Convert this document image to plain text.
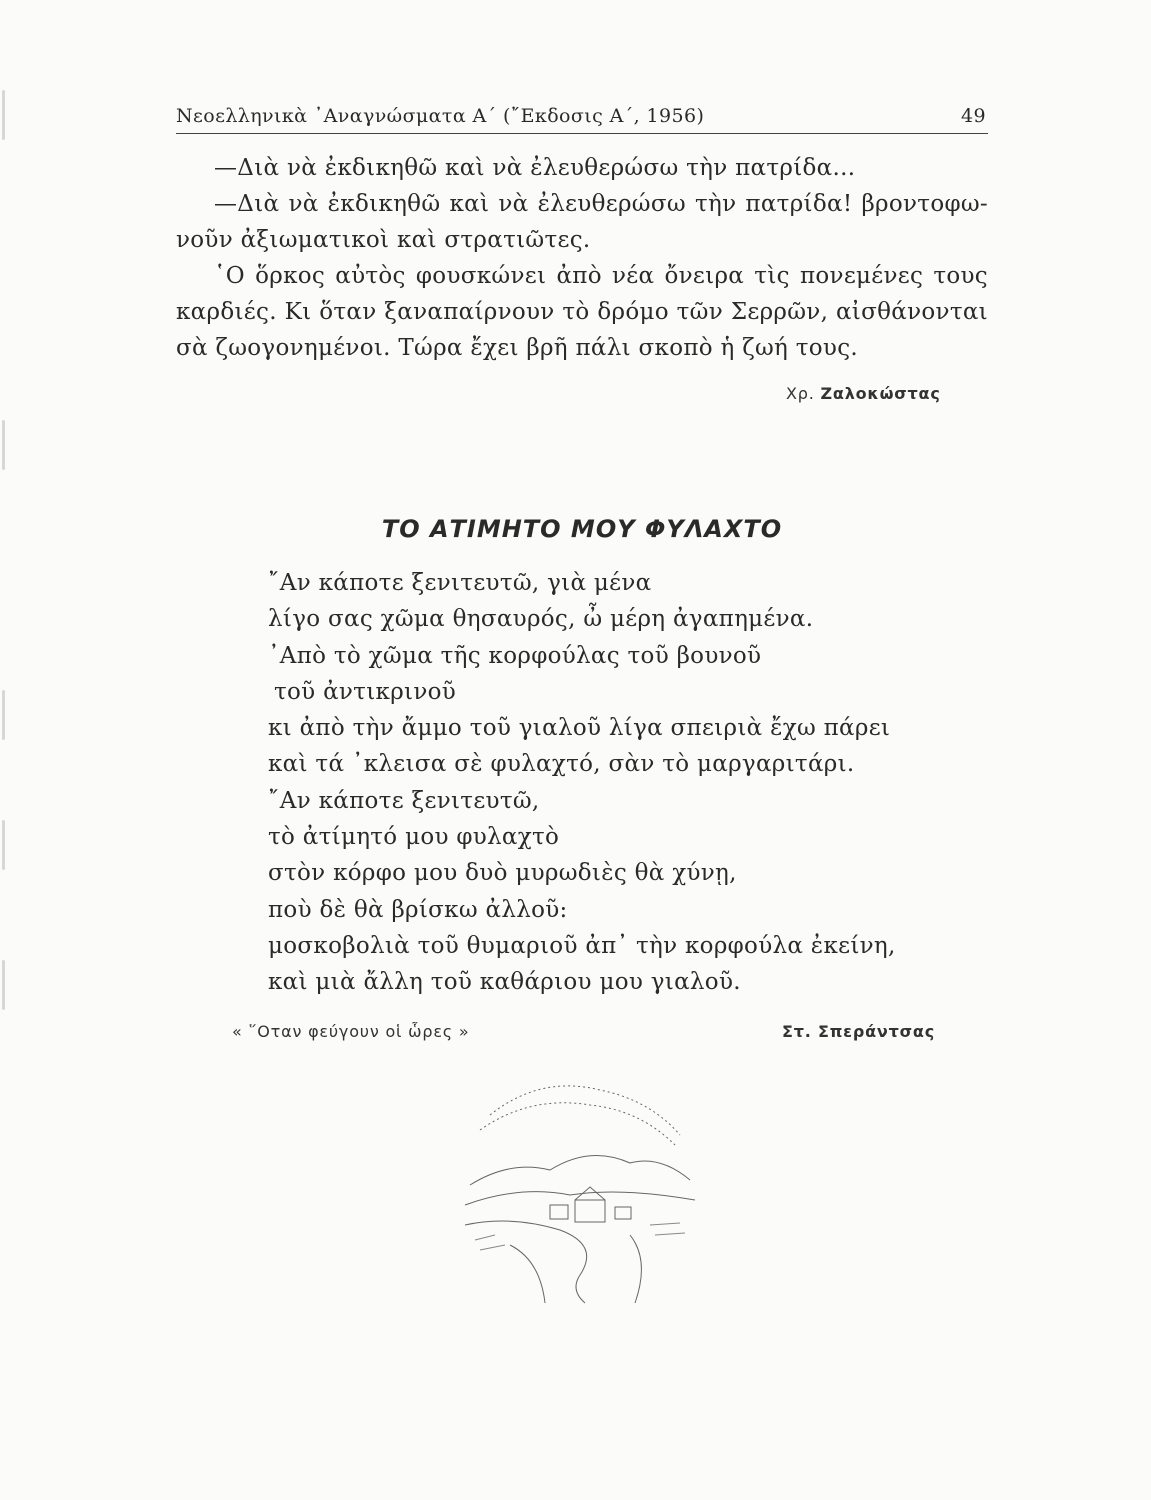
Νεοελληνικὰ ᾿Αναγνώσματα Α΄ (῎Εκδοσις Α΄, 1956)	49

—Διὰ νὰ ἐκδικηθῶ καὶ νὰ ἐλευθερώσω τὴν πατρίδα...

—Διὰ νὰ ἐκδικηθῶ καὶ νὰ ἐλευθερώσω τὴν πατρίδα! βροντοφω-

νοῦν ἀξιωματικοὶ καὶ στρατιῶτες.

῾Ο ὅρκος αὐτὸς φουσκώνει ἀπὸ νέα ὄνειρα τὶς πονεμένες τους

καρδιές. Κι ὅταν ξαναπαίρνουν τὸ δρόμο τῶν Σερρῶν, αἰσθάνονται

σὰ ζωογονημένοι. Τώρα ἔχει βρῆ πάλι σκοπὸ ἡ ζωή τους.

Χρ. Ζαλοκώστας
ΤΟ ΑΤΙΜΗΤΟ ΜΟΥ ΦΥΛΑΧΤΟ
῎Αν κάποτε ξενιτευτῶ, γιὰ μένα
λίγο σας χῶμα θησαυρός, ὦ μέρη ἀγαπημένα.
᾿Απὸ τὸ χῶμα τῆς κορφούλας τοῦ βουνοῦ
τοῦ ἀντικρινοῦ
κι ἀπὸ τὴν ἄμμο τοῦ γιαλοῦ λίγα σπειριὰ ἔχω πάρει
καὶ τά ᾿κλεισα σὲ φυλαχτό, σὰν τὸ μαργαριτάρι.
῎Αν κάποτε ξενιτευτῶ,
τὸ ἀτίμητό μου φυλαχτὸ
στὸν κόρφο μου δυὸ μυρωδιὲς θὰ χύνῃ,
ποὺ δὲ θὰ βρίσκω ἀλλοῦ:
μοσκοβολιὰ τοῦ θυμαριοῦ ἀπ᾿ τὴν κορφούλα ἐκείνη,
καὶ μιὰ ἄλλη τοῦ καθάριου μου γιαλοῦ.
« ῞Οταν φεύγουν οἱ ὧρες »	Στ. Σπεράντσας
